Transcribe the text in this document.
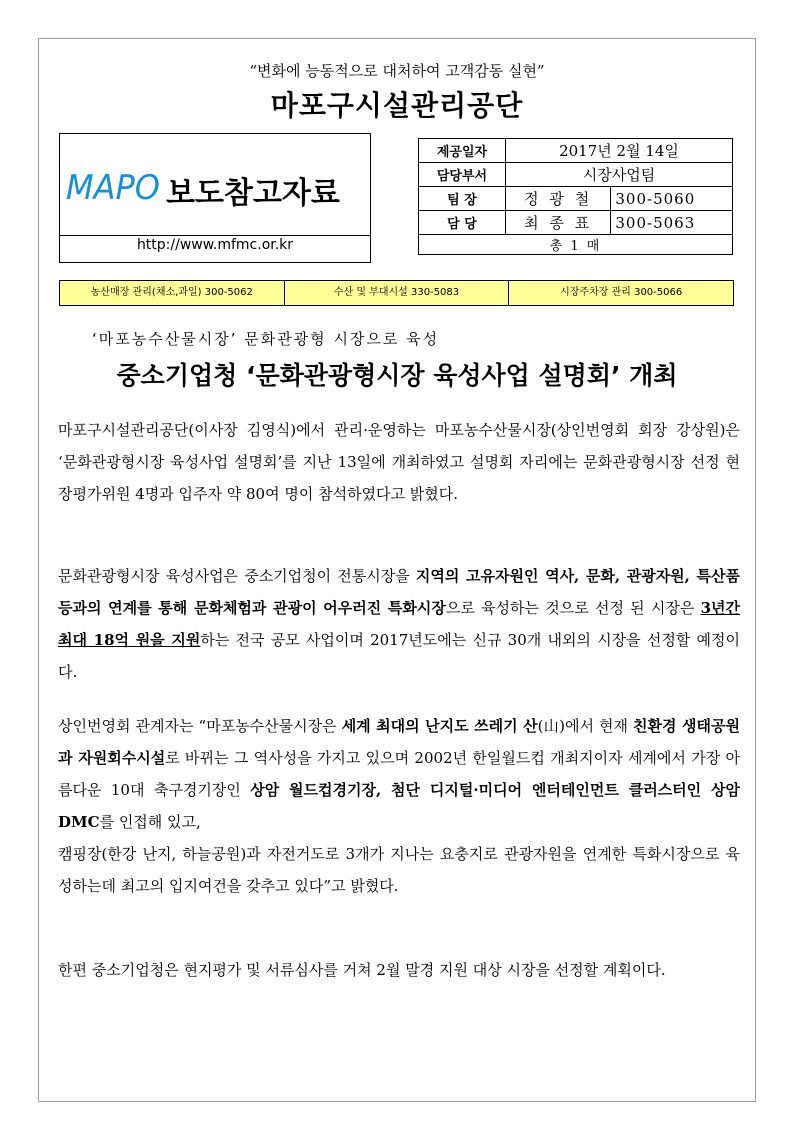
“변화에 능동적으로 대처하여 고객감동 실현”
마포구시설관리공단
MAPO 보도참고자료
http://www.mfmc.or.kr
제공일자	2017년 2월 14일	
담당부서	시장사업팀	
팀 장	정 광 철	300-5060
담 당	최 종 표	300-5063
총 1 매		
농산매장 관리(채소,과일) 300-5062	수산 및 부대시설 330-5083	시장주차장 관리 300-5066
‘마포농수산물시장’ 문화관광형 시장으로 육성
중소기업청 ‘문화관광형시장 육성사업 설명회’ 개최
마포구시설관리공단(이사장 김영식)에서 관리·운영하는 마포농수산물시장(상인번영회 회장 강상원)은 ‘문화관광형시장 육성사업 설명회’를 지난 13일에 개최하였고 설명회 자리에는 문화관광형시장 선정 현장평가위원 4명과 입주자 약 80여 명이 참석하였다고 밝혔다.
문화관광형시장 육성사업은 중소기업청이 전통시장을 지역의 고유자원인 역사, 문화, 관광자원, 특산품 등과의 연계를 통해 문화체험과 관광이 어우러진 특화시장으로 육성하는 것으로 선정 된 시장은 3년간 최대 18억 원을 지원하는 전국 공모 사업이며 2017년도에는 신규 30개 내외의 시장을 선정할 예정이다.
상인번영회 관계자는 “마포농수산물시장은 세계 최대의 난지도 쓰레기 산(山)에서 현재 친환경 생태공원과 자원회수시설로 바뀌는 그 역사성을 가지고 있으며 2002년 한일월드컵 개최지이자 세계에서 가장 아름다운 10대 축구경기장인 상암 월드컵경기장, 첨단 디지털·미디어 엔터테인먼트 클러스터인 상암 DMC를 인접해 있고,
캠핑장(한강 난지, 하늘공원)과 자전거도로 3개가 지나는 요충지로 관광자원을 연계한 특화시장으로 육성하는데 최고의 입지여건을 갖추고 있다”고 밝혔다.
한편 중소기업청은 현지평가 및 서류심사를 거쳐 2월 말경 지원 대상 시장을 선정할 계획이다.
